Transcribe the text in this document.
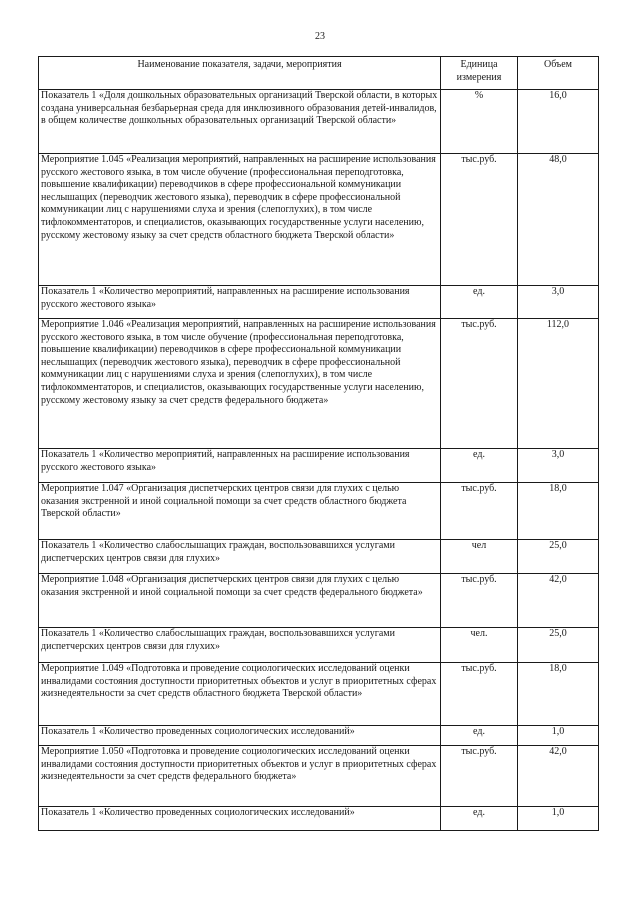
23
Наименование показателя, задачи, мероприятия	Единица измерения	Объем
Показатель 1 «Доля дошкольных образовательных организаций Тверской области, в которых создана универсальная безбарьерная среда для инклюзивного образования детей-инвалидов, в общем количестве дошкольных образовательных организаций Тверской области»	%	16,0
Мероприятие 1.045 «Реализация мероприятий, направленных на расширение использования русского жестового языка, в том числе обучение (профессиональная переподготовка, повышение квалификации) переводчиков в сфере профессиональной коммуникации неслышащих (переводчик жестового языка), переводчик в сфере профессиональной коммуникации лиц с нарушениями слуха и зрения (слепоглухих), в том числе тифлокомментаторов, и специалистов, оказывающих государственные услуги населению, русскому жестовому языку за счет средств областного бюджета Тверской области»	тыс.руб.	48,0
Показатель 1 «Количество мероприятий, направленных на расширение использования русского жестового языка»	ед.	3,0
Мероприятие 1.046 «Реализация мероприятий, направленных на расширение использования русского жестового языка, в том числе обучение (профессиональная переподготовка, повышение квалификации) переводчиков в сфере профессиональной коммуникации неслышащих (переводчик жестового языка), переводчик в сфере профессиональной коммуникации лиц с нарушениями слуха и зрения (слепоглухих), в том числе тифлокомментаторов, и специалистов, оказывающих государственные услуги населению, русскому жестовому языку за счет средств федерального бюджета»	тыс.руб.	112,0
Показатель 1 «Количество мероприятий, направленных на расширение использования русского жестового языка»	ед.	3,0
Мероприятие 1.047 «Организация диспетчерских центров связи для глухих с целью оказания экстренной и иной социальной помощи за счет средств областного бюджета Тверской области»	тыс.руб.	18,0
Показатель 1 «Количество слабослышащих граждан, воспользовавшихся услугами диспетчерских центров связи для глухих»	чел	25,0
Мероприятие 1.048 «Организация диспетчерских центров связи для глухих с целью оказания экстренной и иной социальной помощи за счет средств федерального бюджета»	тыс.руб.	42,0
Показатель 1 «Количество слабослышащих граждан, воспользовавшихся услугами диспетчерских центров связи для глухих»	чел.	25,0
Мероприятие 1.049 «Подготовка и проведение социологических исследований оценки инвалидами состояния доступности приоритетных объектов и услуг в приоритетных сферах жизнедеятельности за счет средств областного бюджета Тверской области»	тыс.руб.	18,0
Показатель 1 «Количество проведенных социологических исследований»	ед.	1,0
Мероприятие 1.050 «Подготовка и проведение социологических исследований оценки инвалидами состояния доступности приоритетных объектов и услуг в приоритетных сферах жизнедеятельности за счет средств федерального бюджета»	тыс.руб.	42,0
Показатель 1 «Количество проведенных социологических исследований»	ед.	1,0
